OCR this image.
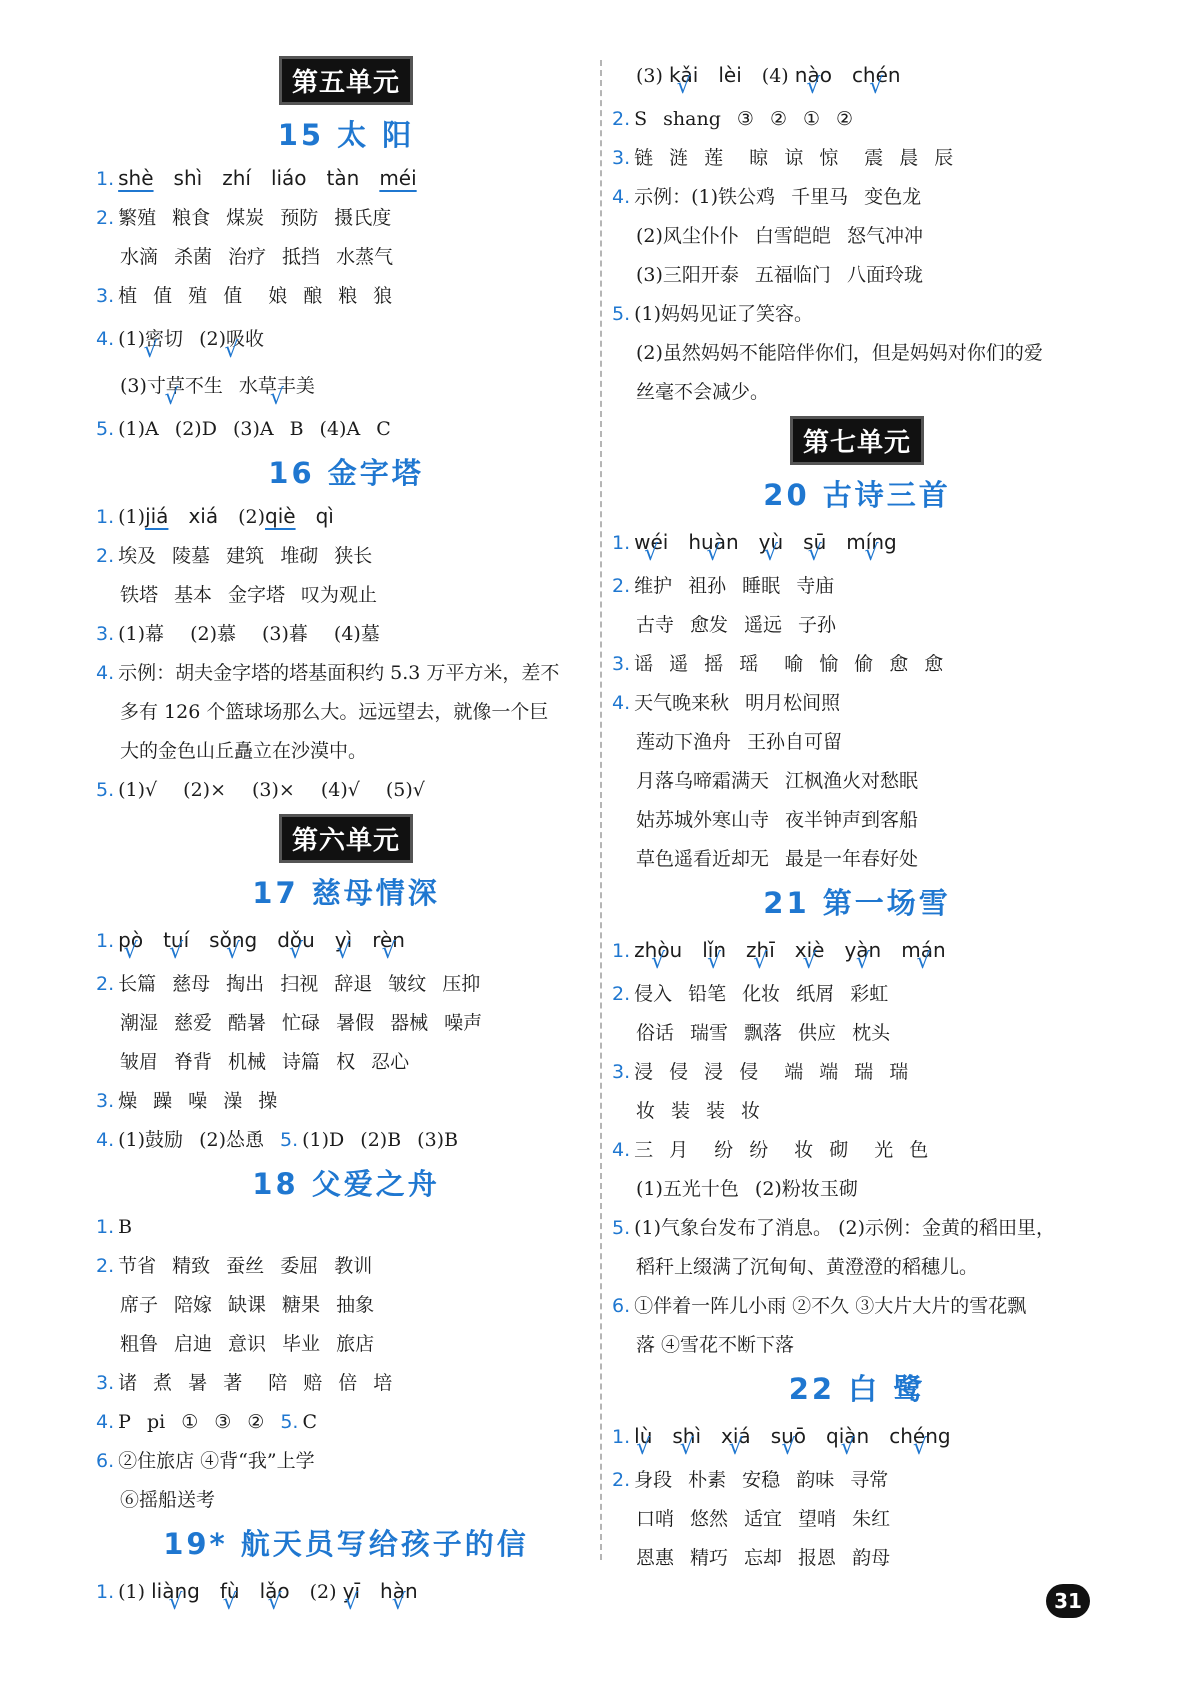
第五单元
15 太 阳
1. shè shì zhí liáo tàn méi
2. 繁殖 粮食 煤炭 预防 摄氏度
水滴 杀菌 治疗 抵挡 水蒸气
3. 植 值 殖 值 娘 酿 粮 狼
4. (1)密切 √ (2)吸收 √
(3)寸草不生 √ 水草丰美 √
5. (1)A (2)D (3)A B (4)A C
16 金字塔
1. (1)jiá xiá (2)qiè qì
2. 埃及 陵墓 建筑 堆砌 狭长
铁塔 基本 金字塔 叹为观止
3. (1)幕 (2)慕 (3)暮 (4)墓
4. 示例：胡夫金字塔的塔基面积约 5.3 万平方米，差不
多有 126 个篮球场那么大。远远望去，就像一个巨
大的金色山丘矗立在沙漠中。
5. (1)√ (2)× (3)× (4)√ (5)√
第六单元
17 慈母情深
1. pò √ tuí √ sǒng √ dǒu √ yì √ rèn √
2. 长篇 慈母 掏出 扫视 辞退 皱纹 压抑
潮湿 慈爱 酷暑 忙碌 暑假 器械 噪声
皱眉 脊背 机械 诗篇 权 忍心
3. 燥 躁 噪 澡 操
4. (1)鼓励 (2)怂恿 5. (1)D (2)B (3)B
18 父爱之舟
1. B
2. 节省 精致 蚕丝 委屈 教训
席子 陪嫁 缺课 糖果 抽象
粗鲁 启迪 意识 毕业 旅店
3. 诸 煮 暑 著 陪 赔 倍 培
4. P pi ① ③ ② 5. C
6. ②住旅店 ④背“我”上学
⑥摇船送考
19* 航天员写给孩子的信
1. (1) liàng √ fù √ lǎo √ (2) yī √ hàn √
(3) kǎi √ lèi (4) nào √ chén √
2. S shang ③ ② ① ②
3. 链 涟 莲 晾 谅 惊 震 晨 辰
4. 示例：(1)铁公鸡 千里马 变色龙
(2)风尘仆仆 白雪皑皑 怒气冲冲
(3)三阳开泰 五福临门 八面玲珑
5. (1)妈妈见证了笑容。
(2)虽然妈妈不能陪伴你们，但是妈妈对你们的爱
丝毫不会减少。
第七单元
20 古诗三首
1. wéi √ huàn √ yù √ sū √ míng √
2. 维护 祖孙 睡眠 寺庙
古寺 愈发 遥远 子孙
3. 谣 遥 摇 瑶 喻 愉 偷 愈 愈
4. 天气晚来秋 明月松间照
莲动下渔舟 王孙自可留
月落乌啼霜满天 江枫渔火对愁眠
姑苏城外寒山寺 夜半钟声到客船
草色遥看近却无 最是一年春好处
21 第一场雪
1. zhòu √ lǐn √ zhī √ xiè √ yàn √ mán √
2. 侵入 铅笔 化妆 纸屑 彩虹
俗话 瑞雪 飘落 供应 枕头
3. 浸 侵 浸 侵 端 端 瑞 瑞
妆 装 装 妆
4. 三 月 纷 纷 妆 砌 光 色
(1)五光十色 (2)粉妆玉砌
5. (1)气象台发布了消息。 (2)示例：金黄的稻田里，
稻秆上缀满了沉甸甸、黄澄澄的稻穗儿。
6. ①伴着一阵儿小雨 ②不久 ③大片大片的雪花飘
落 ④雪花不断下落
22 白 鹭
1. lù √ shì √ xiá √ suō √ qiàn √ chéng √
2. 身段 朴素 安稳 韵味 寻常
口哨 悠然 适宜 望哨 朱红
恩惠 精巧 忘却 报恩 韵母
31
